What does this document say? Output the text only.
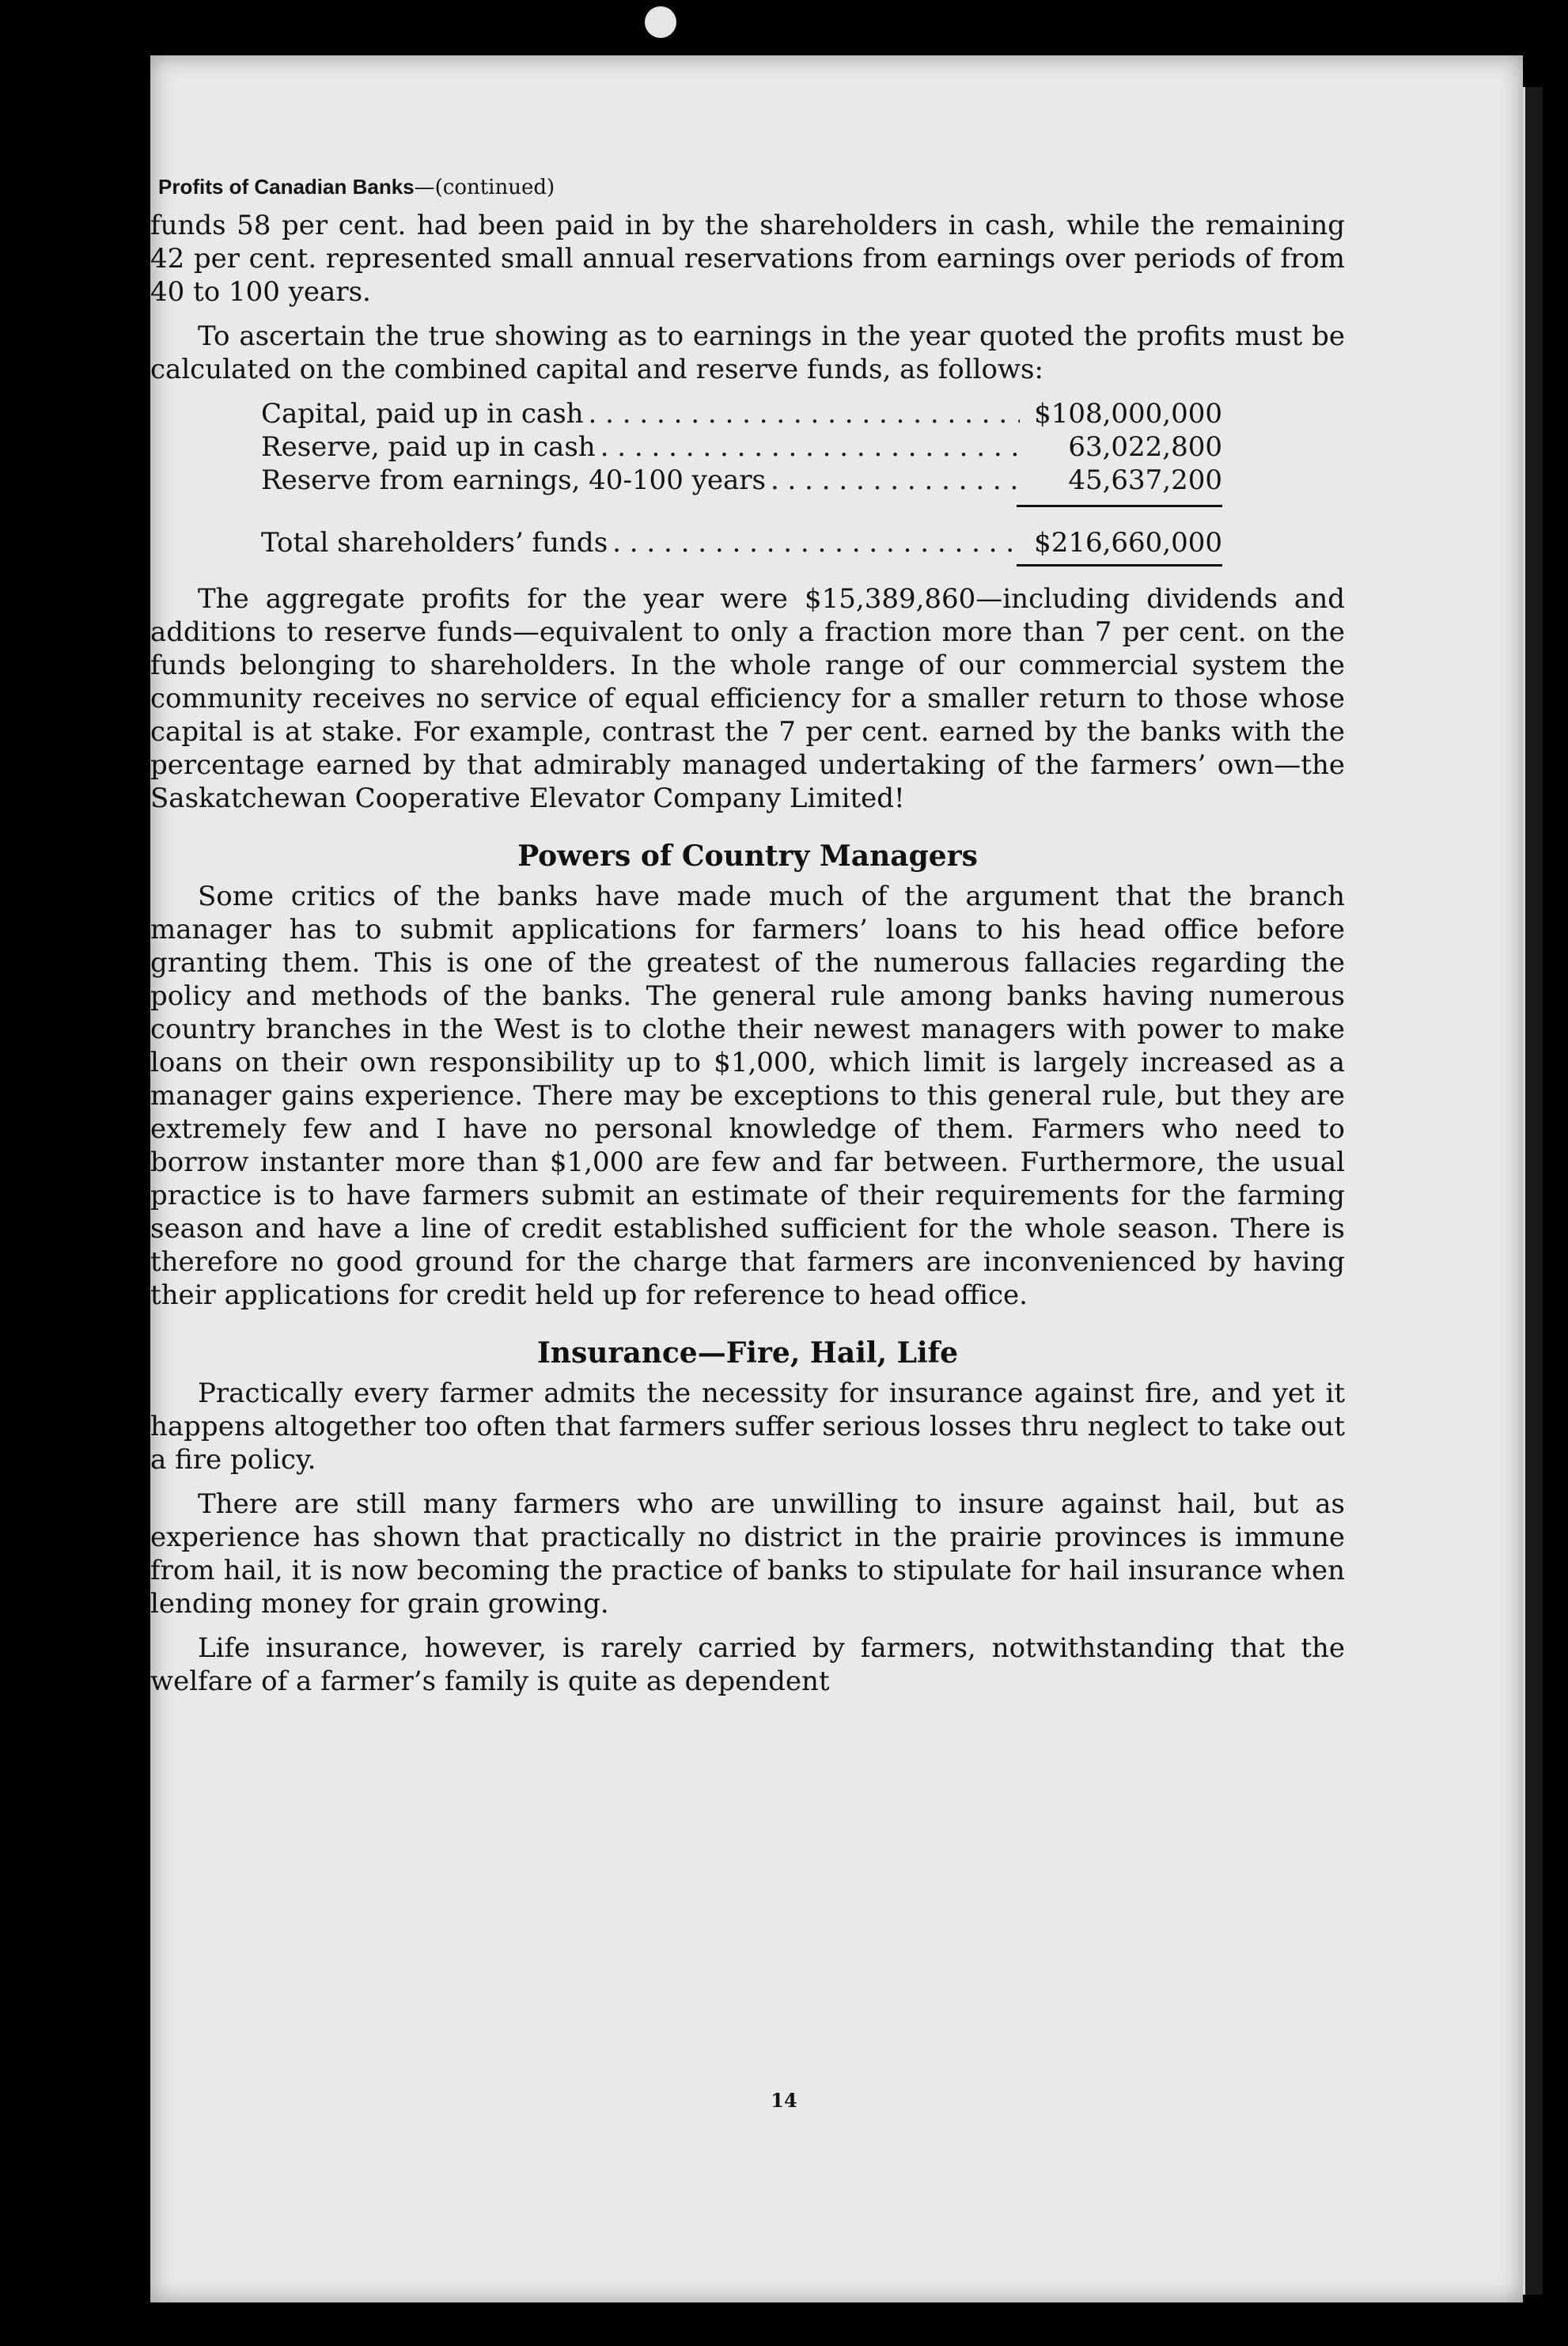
Profits of Canadian Banks—(continued)

funds 58 per cent. had been paid in by the shareholders in cash, while the remaining 42 per cent. represented small annual reservations from earnings over periods of from 40 to 100 years.

To ascertain the true showing as to earnings in the year quoted the profits must be calculated on the combined capital and reserve funds, as follows:

Capital, paid up in cash . . .	$108,000,000
Reserve, paid up in cash . . .	63,022,800
Reserve from earnings, 40-100 years . . .	45,637,200
Total shareholders’ funds . . .	$216,660,000

The aggregate profits for the year were $15,389,860—including dividends and additions to reserve funds—equivalent to only a fraction more than 7 per cent. on the funds belonging to shareholders. In the whole range of our commercial system the community receives no service of equal efficiency for a smaller return to those whose capital is at stake. For example, contrast the 7 per cent. earned by the banks with the percentage earned by that admirably managed undertaking of the farmers’ own—the Saskatchewan Cooperative Elevator Company Limited!

Powers of Country Managers

Some critics of the banks have made much of the argument that the branch manager has to submit applications for farmers’ loans to his head office before granting them. This is one of the greatest of the numerous fallacies regarding the policy and methods of the banks. The general rule among banks having numerous country branches in the West is to clothe their newest managers with power to make loans on their own responsibility up to $1,000, which limit is largely increased as a manager gains experience. There may be exceptions to this general rule, but they are extremely few and I have no personal knowledge of them. Farmers who need to borrow instanter more than $1,000 are few and far between. Furthermore, the usual practice is to have farmers submit an estimate of their requirements for the farming season and have a line of credit established sufficient for the whole season. There is therefore no good ground for the charge that farmers are inconvenienced by having their applications for credit held up for reference to head office.

Insurance—Fire, Hail, Life

Practically every farmer admits the necessity for insurance against fire, and yet it happens altogether too often that farmers suffer serious losses thru neglect to take out a fire policy.

There are still many farmers who are unwilling to insure against hail, but as experience has shown that practically no district in the prairie provinces is immune from hail, it is now becoming the practice of banks to stipulate for hail insurance when lending money for grain growing.

Life insurance, however, is rarely carried by farmers, notwithstanding that the welfare of a farmer’s family is quite as dependent

14
